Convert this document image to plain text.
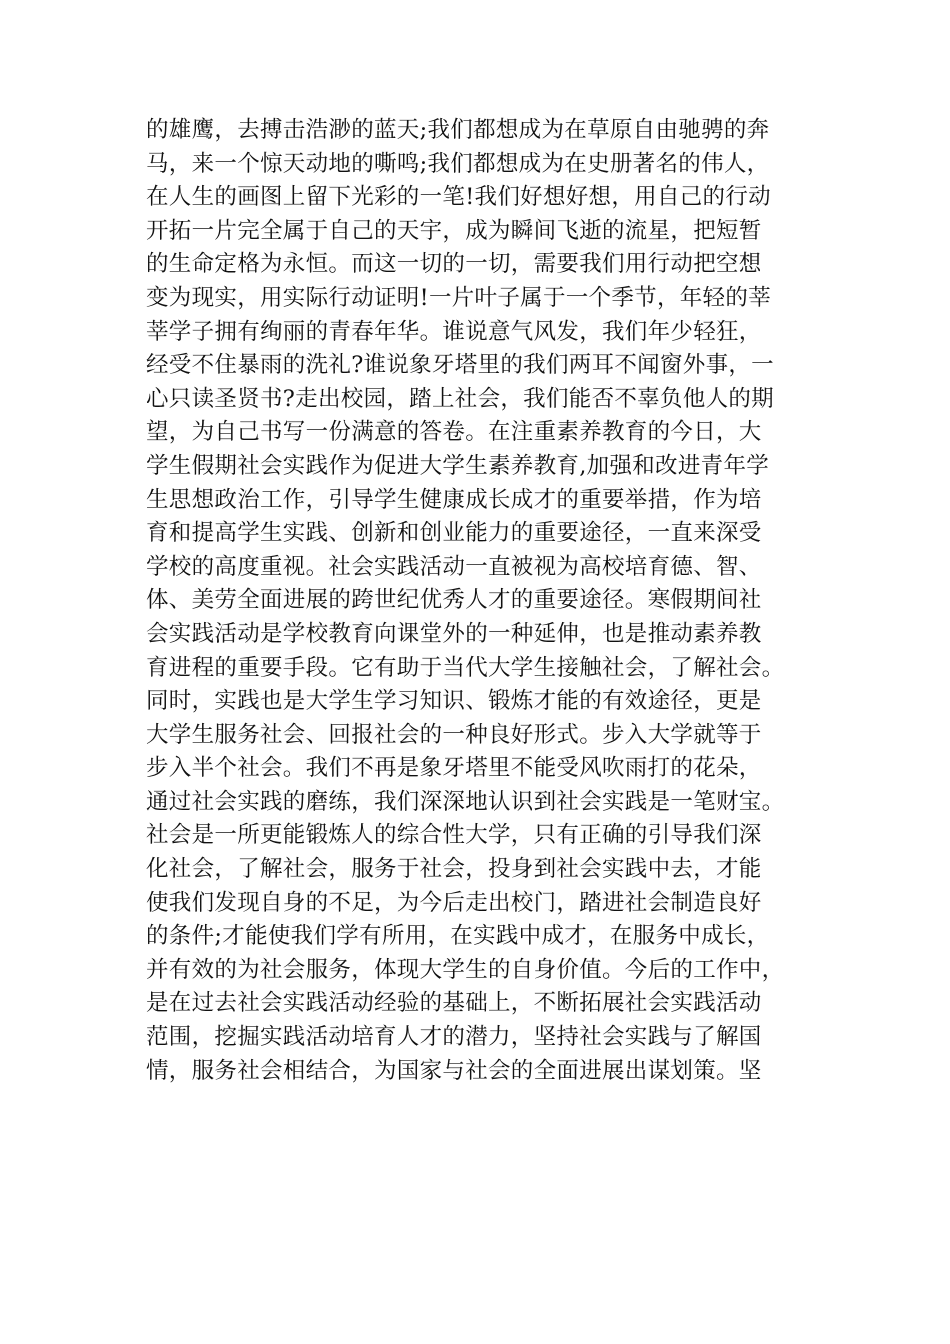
的雄鹰，去搏击浩渺的蓝天;我们都想成为在草原自由驰骋的奔
马，来一个惊天动地的嘶鸣;我们都想成为在史册著名的伟人，
在人生的画图上留下光彩的一笔!我们好想好想，用自己的行动
开拓一片完全属于自己的天宇，成为瞬间飞逝的流星，把短暂
的生命定格为永恒。而这一切的一切，需要我们用行动把空想
变为现实，用实际行动证明!一片叶子属于一个季节，年轻的莘
莘学子拥有绚丽的青春年华。谁说意气风发，我们年少轻狂，
经受不住暴雨的洗礼?谁说象牙塔里的我们两耳不闻窗外事，一
心只读圣贤书?走出校园，踏上社会，我们能否不辜负他人的期
望，为自己书写一份满意的答卷。在注重素养教育的今日，大
学生假期社会实践作为促进大学生素养教育,加强和改进青年学
生思想政治工作，引导学生健康成长成才的重要举措，作为培
育和提高学生实践、创新和创业能力的重要途径，一直来深受
学校的高度重视。社会实践活动一直被视为高校培育德、智、
体、美劳全面进展的跨世纪优秀人才的重要途径。寒假期间社
会实践活动是学校教育向课堂外的一种延伸，也是推动素养教
育进程的重要手段。它有助于当代大学生接触社会，了解社会。
同时，实践也是大学生学习知识、锻炼才能的有效途径，更是
大学生服务社会、回报社会的一种良好形式。步入大学就等于
步入半个社会。我们不再是象牙塔里不能受风吹雨打的花朵，
通过社会实践的磨练，我们深深地认识到社会实践是一笔财宝。
社会是一所更能锻炼人的综合性大学，只有正确的引导我们深
化社会，了解社会，服务于社会，投身到社会实践中去，才能
使我们发现自身的不足，为今后走出校门，踏进社会制造良好
的条件;才能使我们学有所用，在实践中成才，在服务中成长，
并有效的为社会服务，体现大学生的自身价值。今后的工作中，
是在过去社会实践活动经验的基础上，不断拓展社会实践活动
范围，挖掘实践活动培育人才的潜力，坚持社会实践与了解国
情，服务社会相结合，为国家与社会的全面进展出谋划策。坚
